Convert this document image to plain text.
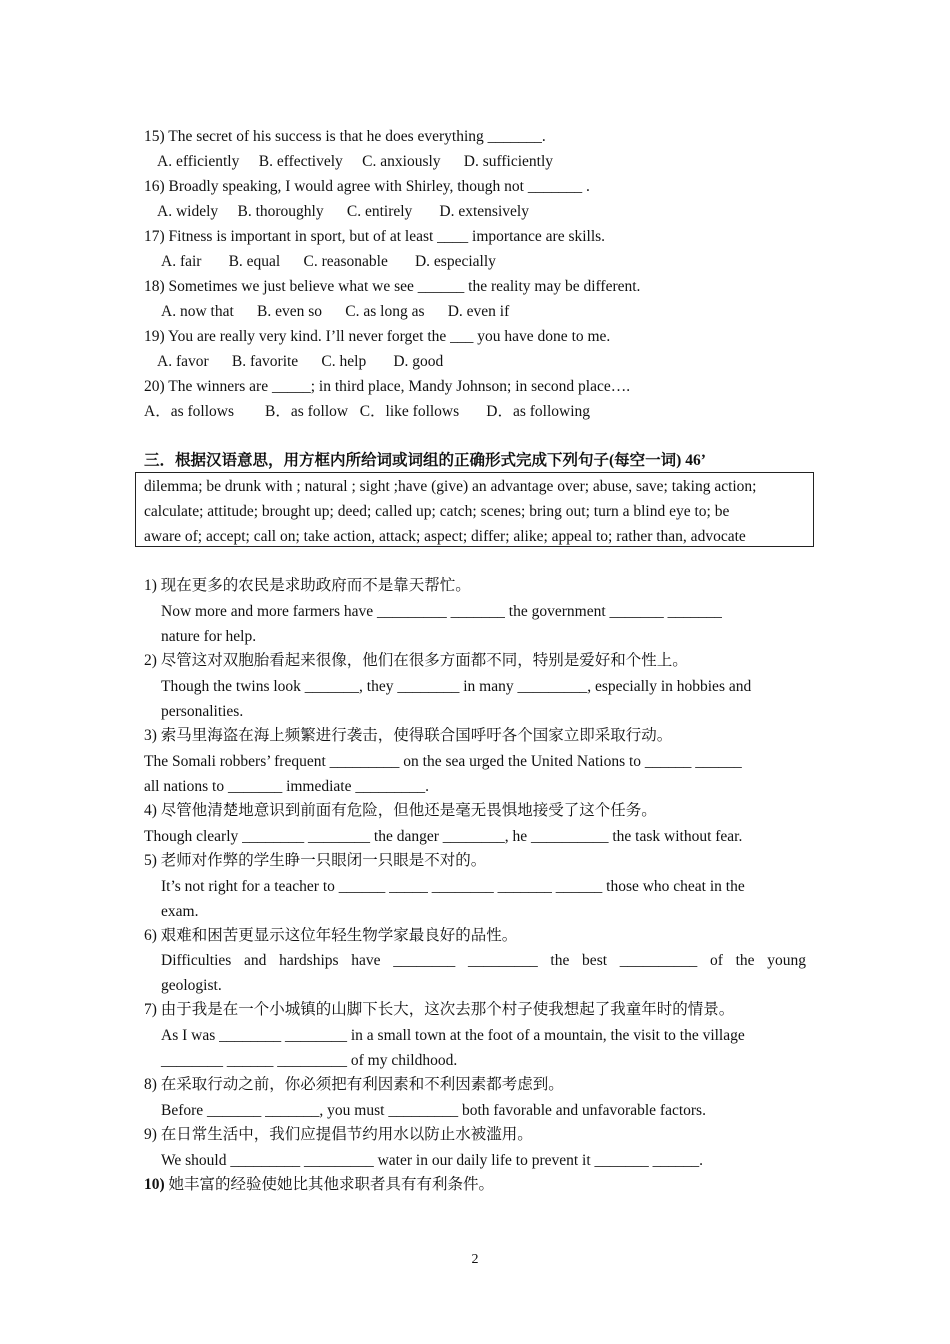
15) The secret of his success is that he does everything _______.
A. efficiently     B. effectively     C. anxiously      D. sufficiently
16) Broadly speaking, I would agree with Shirley, though not _______ .
A. widely     B. thoroughly      C. entirely       D. extensively
17) Fitness is important in sport, but of at least ____ importance are skills.
A. fair       B. equal      C. reasonable       D. especially
18) Sometimes we just believe what we see ______ the reality may be different.
A. now that      B. even so      C. as long as      D. even if
19) You are really very kind. I’ll never forget the ___ you have done to me.
A. favor      B. favorite      C. help       D. good
20) The winners are _____; in third place, Mandy Johnson; in second place….
A．as follows        B．as follow   C．like follows       D．as following
三．根据汉语意思，用方框内所给词或词组的正确形式完成下列句子(每空一词) 46’
dilemma; be drunk with ; natural ; sight ;have (give) an advantage over; abuse, save; taking action;
calculate; attitude; brought up; deed; called up; catch; scenes; bring out; turn a blind eye to; be
aware of; accept; call on; take action, attack; aspect; differ; alike; appeal to; rather than, advocate
1) 现在更多的农民是求助政府而不是靠天帮忙。
Now more and more farmers have _________ _______ the government _______ _______
nature for help.
2) 尽管这对双胞胎看起来很像，他们在很多方面都不同，特别是爱好和个性上。
Though the twins look _______, they ________ in many _________, especially in hobbies and
personalities.
3) 索马里海盗在海上频繁进行袭击，使得联合国呼吁各个国家立即采取行动。
The Somali robbers’ frequent _________ on the sea urged the United Nations to ______ ______
all nations to _______ immediate _________.
4) 尽管他清楚地意识到前面有危险，但他还是毫无畏惧地接受了这个任务。
Though clearly ________ ________ the danger ________, he __________ the task without fear.
5) 老师对作弊的学生睁一只眼闭一只眼是不对的。
It’s not right for a teacher to ______ _____ ________ _______ ______ those who cheat in the
exam.
6) 艰难和困苦更显示这位年轻生物学家最良好的品性。
Difficulties and hardships have ________ _________ the best __________ of the young
geologist.
7) 由于我是在一个小城镇的山脚下长大，这次去那个村子使我想起了我童年时的情景。
As I was ________ ________ in a small town at the foot of a mountain, the visit to the village
________ ______ _________ of my childhood.
8) 在采取行动之前，你必须把有利因素和不利因素都考虑到。
Before _______ _______, you must _________ both favorable and unfavorable factors.
9) 在日常生活中，我们应提倡节约用水以防止水被滥用。
We should _________ _________ water in our daily life to prevent it _______ ______.
10) 她丰富的经验使她比其他求职者具有有利条件。
2
